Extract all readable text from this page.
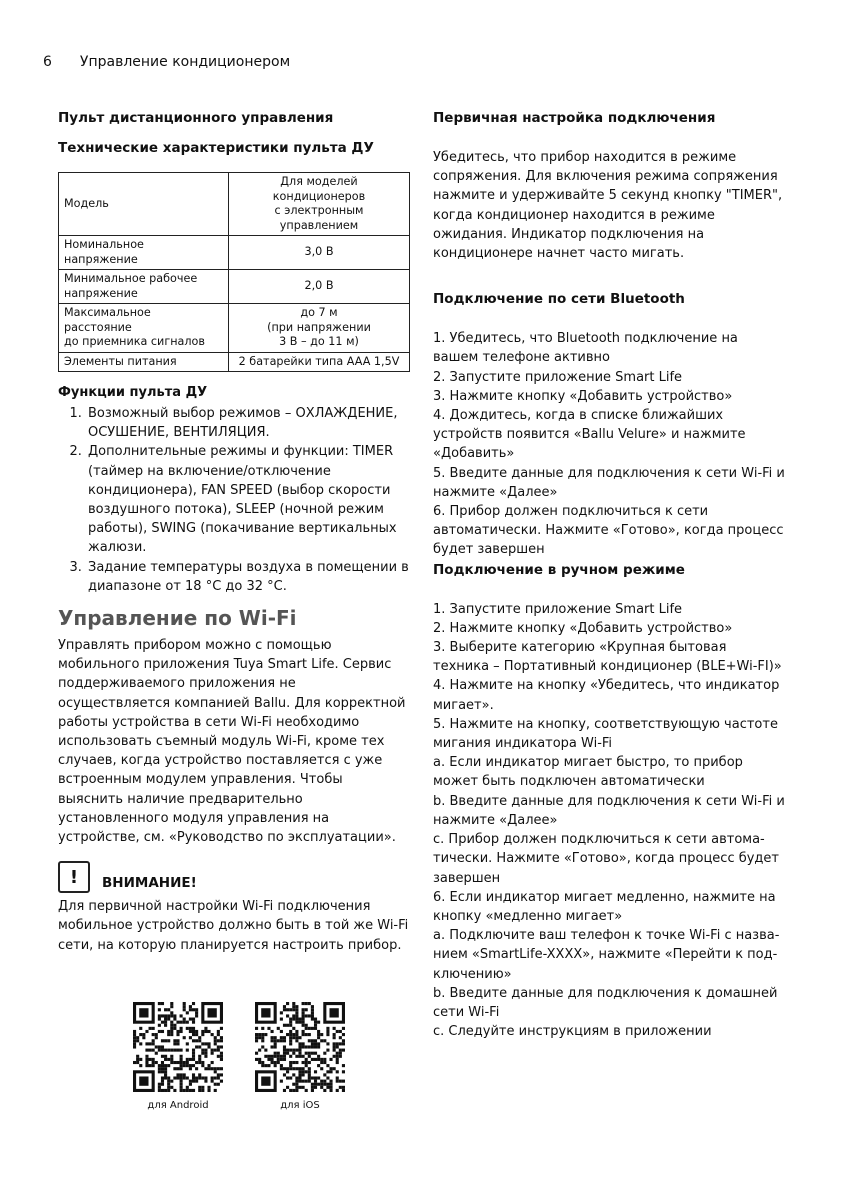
6 Управление кондиционером

Пульт дистанционного управления

Технические характеристики пульта ДУ

Модель	Для моделей
кондиционеров
с электронным
управлением
Номинальное
напряжение	3,0 В
Минимальное рабочее
напряжение	2,0 В
Максимальное
расстояние
до приемника сигналов	до 7 м
(при напряжении
3 В – до 11 м)
Элементы питания	2 батарейки типа AAA 1,5V
Функции пульта ДУ
1. Возможный выбор режимов – ОХЛАЖДЕНИЕ, ОСУШЕНИЕ, ВЕНТИЛЯЦИЯ.
2. Дополнительные режимы и функции: TIMER (таймер на включение/отключение кондиционера), FAN SPEED (выбор скорости воздушного потока), SLEEP (ночной режим работы), SWING (покачивание вертикальных жалюзи.
3. Задание температуры воздуха в помещении в диапазоне от 18 °C до 32 °C.
Управление по Wi-Fi

Управлять прибором можно с помощью мобильного приложения Tuya Smart Life. Сервис поддерживаемого приложения не осуществляется компанией Ballu. Для корректной работы устройства в сети Wi-Fi необходимо использовать съемный модуль Wi-Fi, кроме тех случаев, когда устройство поставляется с уже встроенным модулем управления. Чтобы выяснить наличие предварительно установленного модуля управления на устройстве, см. «Руководство по эксплуатации».

!	ВНИМАНИЕ!
Для первичной настройки Wi-Fi подключения мобильное устройство должно быть в той же Wi-Fi сети, на которую планируется настроить прибор.
для Android	для iOS

Первичная настройка подключения

Убедитесь, что прибор находится в режиме сопряжения. Для включения режима сопряжения нажмите и удерживайте 5 секунд кнопку "TIMER", когда кондиционер находится в режиме ожидания. Индикатор подключения на кондиционере начнет часто мигать.

Подключение по сети Bluetooth

1. Убедитесь, что Bluetooth подключение на вашем телефоне активно
2. Запустите приложение Smart Life
3. Нажмите кнопку «Добавить устройство»
4. Дождитесь, когда в списке ближайших устройств появится «Ballu Velure» и нажмите «Добавить»
5. Введите данные для подключения к сети Wi-Fi и нажмите «Далее»
6. Прибор должен подключиться к сети автоматически. Нажмите «Готово», когда процесс будет завершен

Подключение в ручном режиме

1. Запустите приложение Smart Life
2. Нажмите кнопку «Добавить устройство»
3. Выберите категорию «Крупная бытовая техника – Портативный кондиционер (BLE+Wi-FI)»
4. Нажмите на кнопку «Убедитесь, что индикатор мигает».
5. Нажмите на кнопку, соответствующую частоте мигания индикатора Wi-Fi
a. Если индикатор мигает быстро, то прибор может быть подключен автоматически
b. Введите данные для подключения к сети Wi-Fi и нажмите «Далее»
c. Прибор должен подключиться к сети автома-тически. Нажмите «Готово», когда процесс будет завершен
6. Если индикатор мигает медленно, нажмите на кнопку «медленно мигает»
a. Подключите ваш телефон к точке Wi-Fi с назва-нием «SmartLife-XXXX», нажмите «Перейти к под-ключению»
b. Введите данные для подключения к домашней сети Wi-Fi
c. Следуйте инструкциям в приложении
